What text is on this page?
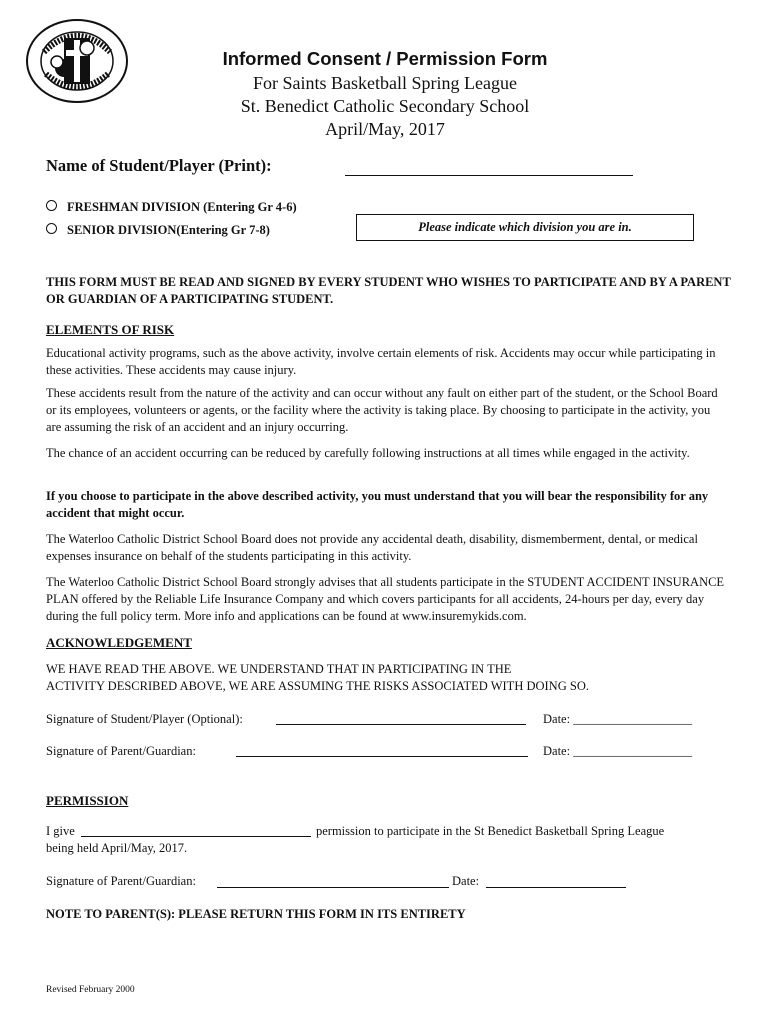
Informed Consent / Permission Form
For Saints Basketball Spring League
St. Benedict Catholic Secondary School
April/May, 2017
Name of Student/Player (Print):
FRESHMAN DIVISION (Entering Gr 4-6)
SENIOR DIVISION(Entering Gr 7-8)	Please indicate which division you are in.
THIS FORM MUST BE READ AND SIGNED BY EVERY STUDENT WHO WISHES TO PARTICIPATE AND BY A PARENT OR GUARDIAN OF A PARTICIPATING STUDENT.
ELEMENTS OF RISK
Educational activity programs, such as the above activity, involve certain elements of risk. Accidents may occur while participating in these activities. These accidents may cause injury.
These accidents result from the nature of the activity and can occur without any fault on either part of the student, or the School Board or its employees, volunteers or agents, or the facility where the activity is taking place. By choosing to participate in the activity, you are assuming the risk of an accident and an injury occurring.
The chance of an accident occurring can be reduced by carefully following instructions at all times while engaged in the activity.
If you choose to participate in the above described activity, you must understand that you will bear the responsibility for any accident that might occur.
The Waterloo Catholic District School Board does not provide any accidental death, disability, dismemberment, dental, or medical expenses insurance on behalf of the students participating in this activity.
The Waterloo Catholic District School Board strongly advises that all students participate in the STUDENT ACCIDENT INSURANCE PLAN offered by the Reliable Life Insurance Company and which covers participants for all accidents, 24-hours per day, every day during the full policy term. More info and applications can be found at www.insuremykids.com.
ACKNOWLEDGEMENT
WE HAVE READ THE ABOVE. WE UNDERSTAND THAT IN PARTICIPATING IN THE
ACTIVITY DESCRIBED ABOVE, WE ARE ASSUMING THE RISKS ASSOCIATED WITH DOING SO.
Signature of Student/Player (Optional):	Date: ___________________
Signature of Parent/Guardian:	Date: ___________________
PERMISSION
I give	permission to participate in the St Benedict Basketball Spring League
being held April/May, 2017.
Signature of Parent/Guardian:	Date:
NOTE TO PARENT(S): PLEASE RETURN THIS FORM IN ITS ENTIRETY
Revised February 2000
